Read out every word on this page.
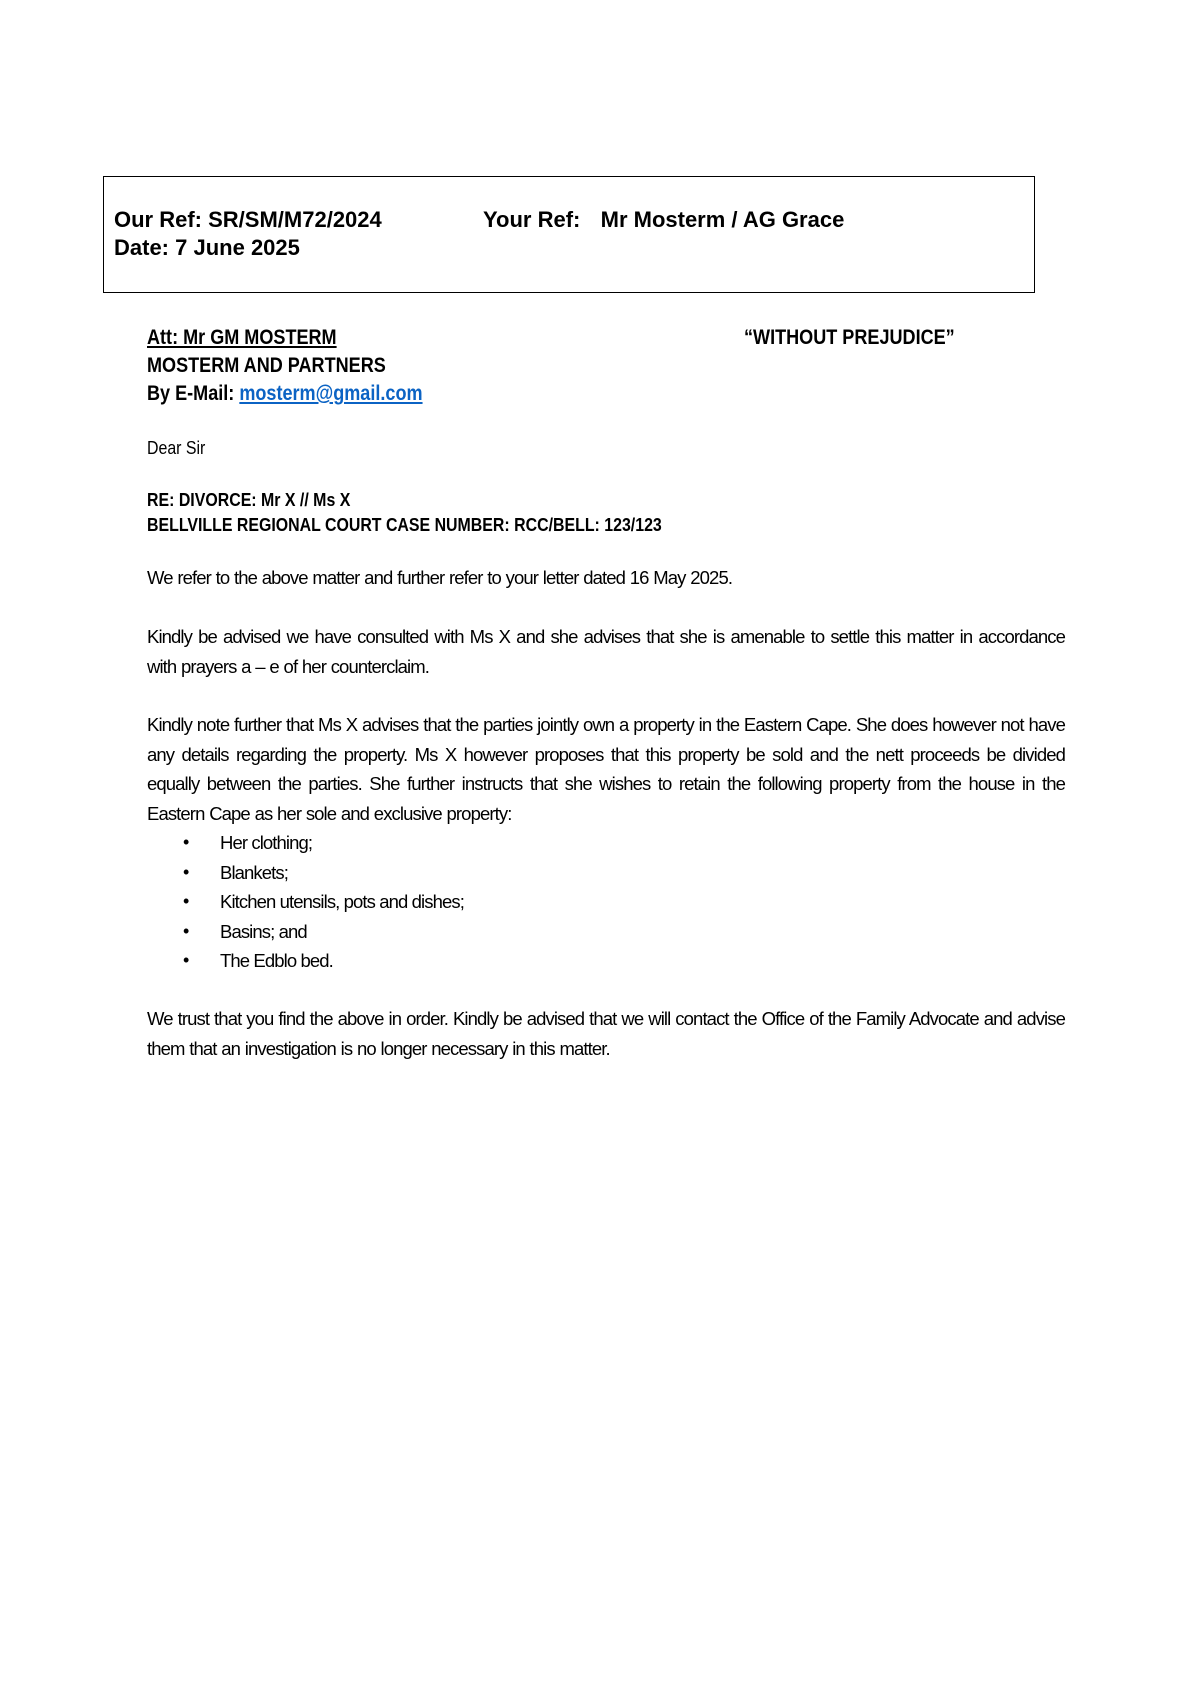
Our Ref: SR/SM/M72/2024	Your Ref: Mr Mosterm / AG Grace
Date: 7 June 2025
Att: Mr GM MOSTERM	“WITHOUT PREJUDICE”
MOSTERM AND PARTNERS
By E-Mail: mosterm@gmail.com
Dear Sir
RE: DIVORCE: Mr X // Ms X
BELLVILLE REGIONAL COURT CASE NUMBER: RCC/BELL: 123/123
We refer to the above matter and further refer to your letter dated 16 May 2025.
Kindly be advised we have consulted with Ms X and she advises that she is amenable to settle this matter in accordance with prayers a – e of her counterclaim.
Kindly note further that Ms X advises that the parties jointly own a property in the Eastern Cape. She does however not have any details regarding the property. Ms X however proposes that this property be sold and the nett proceeds be divided equally between the parties. She further instructs that she wishes to retain the following property from the house in the Eastern Cape as her sole and exclusive property:
• Her clothing;
• Blankets;
• Kitchen utensils, pots and dishes;
• Basins; and
• The Edblo bed.
We trust that you find the above in order. Kindly be advised that we will contact the Office of the Family Advocate and advise them that an investigation is no longer necessary in this matter.
